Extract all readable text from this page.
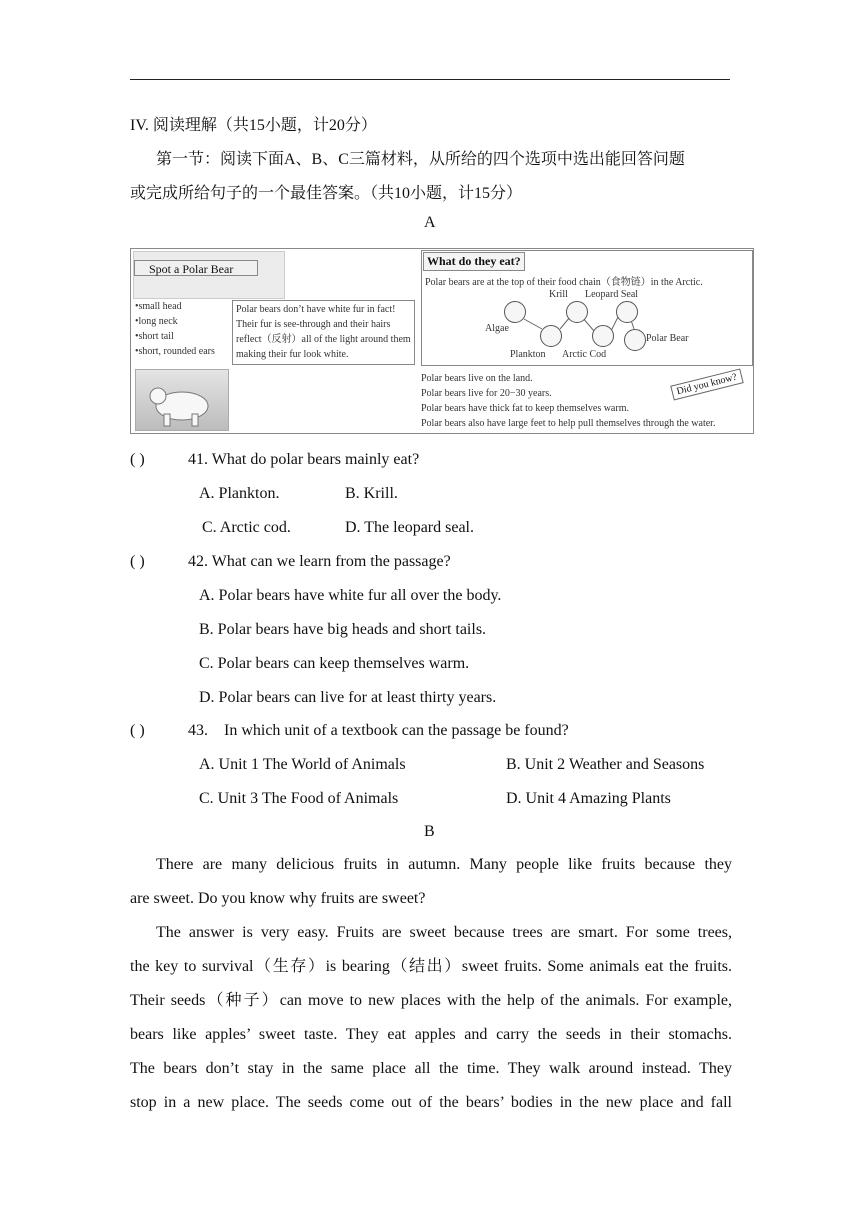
IV. 阅读理解（共15小题，计20分）
第一节：阅读下面A、B、C三篇材料，从所给的四个选项中选出能回答问题
或完成所给句子的一个最佳答案。（共10小题，计15分）
A
Spot a Polar Bear
•small head
•long neck
•short tail
•short, rounded ears
Polar bears don’t have white fur in fact! Their fur is see-through and their hairs reflect（反射）all of the light around them making their fur look white.
What do they eat?
Polar bears are at the top of their food chain（食物链）in the Arctic.
Krill Leopard Seal
Algae
Plankton Arctic Cod
Polar Bear
Polar bears live on the land.
Polar bears live for 20−30 years.
Polar bears have thick fat to keep themselves warm.
Polar bears also have large feet to help pull themselves through the water.
Did you know?
( )	41. What do polar bears mainly eat?
A. Plankton.	B. Krill.
C. Arctic cod.	D. The leopard seal.
( )	42. What can we learn from the passage?
A. Polar bears have white fur all over the body.
B. Polar bears have big heads and short tails.
C. Polar bears can keep themselves warm.
D. Polar bears can live for at least thirty years.
( )	43.    In which unit of a textbook can the passage be found?
A. Unit 1 The World of Animals	B. Unit 2 Weather and Seasons
C. Unit 3 The Food of Animals	D. Unit 4 Amazing Plants
B
There are many delicious fruits in autumn. Many people like fruits because they
are sweet. Do you know why fruits are sweet?
The answer is very easy. Fruits are sweet because trees are smart. For some trees,
the key to survival（生存）is bearing（结出）sweet fruits. Some animals eat the fruits.
Their seeds（种子）can move to new places with the help of the animals. For example,
bears like apples’ sweet taste. They eat apples and carry the seeds in their stomachs.
The bears don’t stay in the same place all the time. They walk around instead. They
stop in a new place. The seeds come out of the bears’ bodies in the new place and fall
